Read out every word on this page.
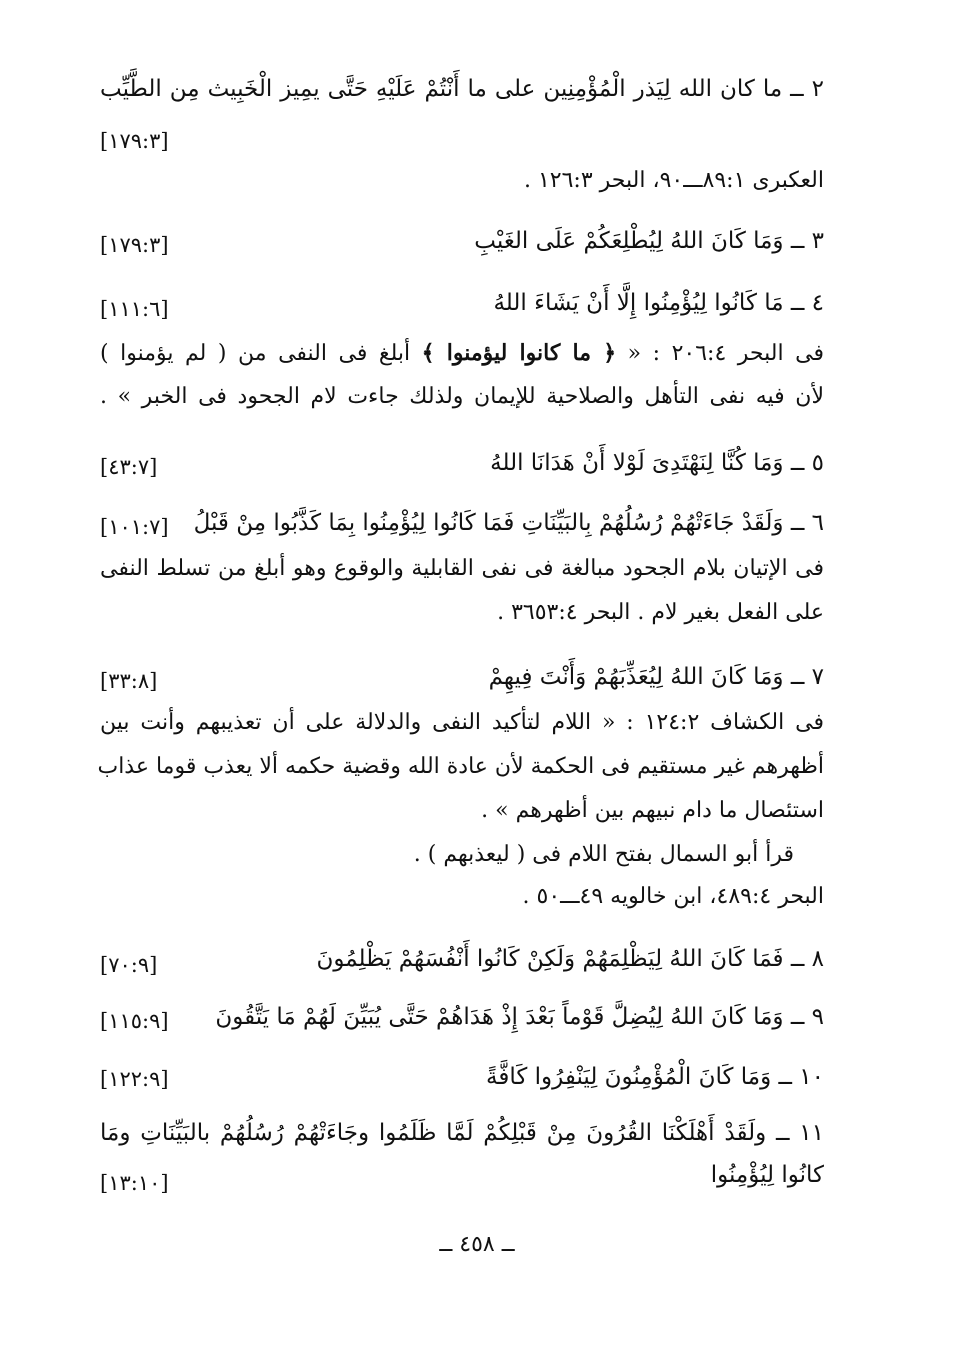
٢ ــ ما كان الله لِيَذر الْمُؤْمِنِين على ما أَنْتُمْ عَلَيْهِ حَتَّى يمِيز الْخَبِيث مِن الطَّيِّب
[١٧٩:٣]
العكبرى ٨٩:١ـــ٩٠، البحر ١٢٦:٣ .
٣ ــ وَمَا كَانَ اللهُ لِيُطْلِعَكُمْ عَلَى الغَيْبِ
[١٧٩:٣]
٤ ــ مَا كَانُوا لِيُؤْمِنُوا إِلَّا أَنْ يَشَاءَ اللهُ
[١١١:٦]
فى البحر ٢٠٦:٤ : « ﴿ ما كانوا ليؤمنوا ﴾ أبلغ فى النفى من ( لم يؤمنوا )
لأن فيه نفى التأهل والصلاحية للإيمان ولذلك جاءت لام الجحود فى الخبر » .
٥ ــ وَمَا كُنَّا لِنَهْتَدِىَ لَوْلا أَنْ هَدَانَا اللهُ
[٤٣:٧]
٦ ــ وَلَقَدْ جَاءَتْهُمْ رُسُلُهُمْ بِالبَيِّنَاتِ فَمَا كَانُوا لِيُؤْمِنُوا بِمَا كَذَّبُوا مِنْ قَبْلُ
[١٠١:٧]
فى الإتيان بلام الجحود مبالغة فى نفى القابلية والوقوع وهو أبلغ من تسلط النفى
على الفعل بغير لام . البحر ٣٦٥٣:٤ .
٧ ــ وَمَا كَانَ اللهُ لِيُعَذِّبَهُمْ وَأَنْتَ فِيهِمْ
[٣٣:٨]
فى الكشاف ١٢٤:٢ : « اللام لتأكيد النفى والدلالة على أن تعذيبهم وأنت بين
أظهرهم غير مستقيم فى الحكمة لأن عادة الله وقضية حكمه ألا يعذب قوما عذاب
استئصال ما دام نبيهم بين أظهرهم » .
قرأ أبو السمال بفتح اللام فى ( ليعذبهم ) .
البحر ٤٨٩:٤، ابن خالويه ٤٩ـــ٥٠ .
٨ ــ فَمَا كَانَ اللهُ لِيَظْلِمَهُمْ وَلَكِنْ كَانُوا أَنْفُسَهُمْ يَظْلِمُونَ
[٧٠:٩]
٩ ــ وَمَا كَانَ اللهُ لِيُضِلَّ قَوْماً بَعْدَ إِذْ هَدَاهُمْ حَتَّى يُبَيِّنَ لَهُمْ مَا يَتَّقُونَ
[١١٥:٩]
١٠ ــ وَمَا كَانَ الْمُؤْمِنُونَ لِيَنْفِرُوا كَافَّةً
[١٢٢:٩]
١١ ــ ولَقَدْ أَهْلَكْنَا القُرُونَ مِنْ قَبْلِكُمْ لَمَّا ظَلَمُوا وجَاءَتْهُمْ رُسُلُهُمْ بالبَيِّنَاتِ ومَا
كانُوا لِيُؤْمِنُوا
[١٣:١٠]
ــ ٤٥٨ ــ
